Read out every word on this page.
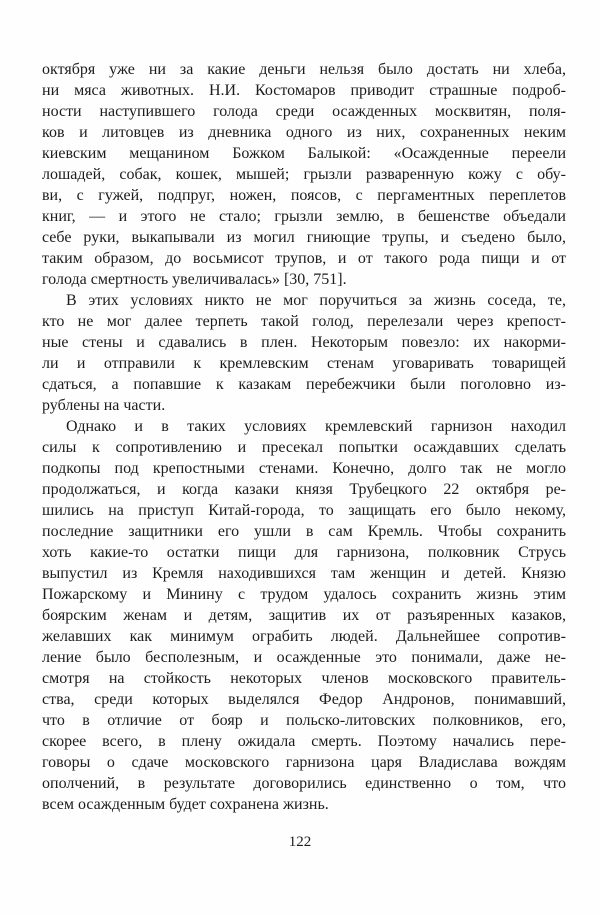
октября уже ни за какие деньги нельзя было достать ни хлеба,
ни мяса животных. Н.И. Костомаров приводит страшные подроб-
ности наступившего голода среди осажденных москвитян, поля-
ков и литовцев из дневника одного из них, сохраненных неким
киевским мещанином Божком Балыкой: «Осажденные переели
лошадей, собак, кошек, мышей; грызли разваренную кожу с обу-
ви, с гужей, подпруг, ножен, поясов, с пергаментных переплетов
книг, — и этого не стало; грызли землю, в бешенстве объедали
себе руки, выкапывали из могил гниющие трупы, и съедено было,
таким образом, до восьмисот трупов, и от такого рода пищи и от
голода смертность увеличивалась» [30, 751].
В этих условиях никто не мог поручиться за жизнь соседа, те,
кто не мог далее терпеть такой голод, перелезали через крепост-
ные стены и сдавались в плен. Некоторым повезло: их накорми-
ли и отправили к кремлевским стенам уговаривать товарищей
сдаться, а попавшие к казакам перебежчики были поголовно из-
рублены на части.
Однако и в таких условиях кремлевский гарнизон находил
силы к сопротивлению и пресекал попытки осаждавших сделать
подкопы под крепостными стенами. Конечно, долго так не могло
продолжаться, и когда казаки князя Трубецкого 22 октября ре-
шились на приступ Китай-города, то защищать его было некому,
последние защитники его ушли в сам Кремль. Чтобы сохранить
хоть какие-то остатки пищи для гарнизона, полковник Струсь
выпустил из Кремля находившихся там женщин и детей. Князю
Пожарскому и Минину с трудом удалось сохранить жизнь этим
боярским женам и детям, защитив их от разъяренных казаков,
желавших как минимум ограбить людей. Дальнейшее сопротив-
ление было бесполезным, и осажденные это понимали, даже не-
смотря на стойкость некоторых членов московского правитель-
ства, среди которых выделялся Федор Андронов, понимавший,
что в отличие от бояр и польско-литовских полковников, его,
скорее всего, в плену ожидала смерть. Поэтому начались пере-
говоры о сдаче московского гарнизона царя Владислава вождям
ополчений, в результате договорились единственно о том, что
всем осажденным будет сохранена жизнь.
122
